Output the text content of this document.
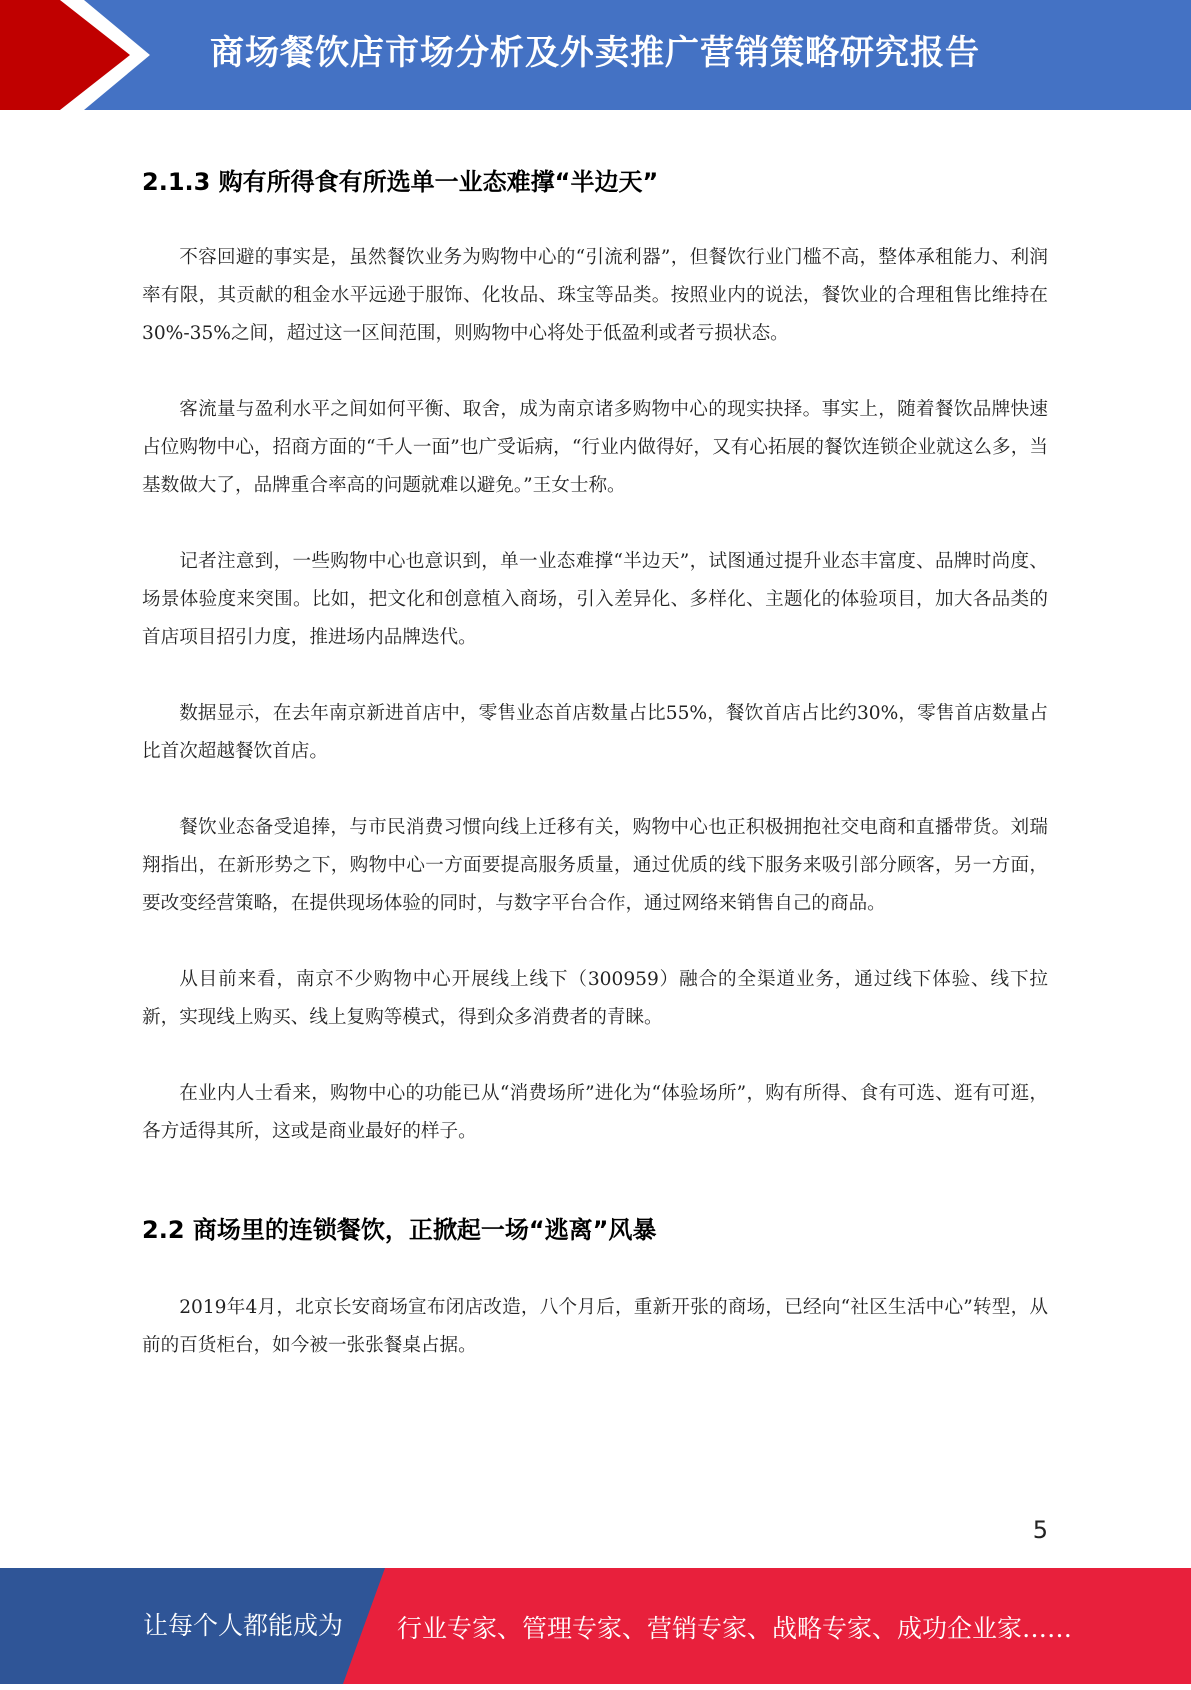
商场餐饮店市场分析及外卖推广营销策略研究报告
2.1.3 购有所得食有所选单一业态难撑“半边天”

不容回避的事实是，虽然餐饮业务为购物中心的“引流利器”，但餐饮行业门槛不高，整体承租能力、利润率有限，其贡献的租金水平远逊于服饰、化妆品、珠宝等品类。按照业内的说法，餐饮业的合理租售比维持在30%-35%之间，超过这一区间范围，则购物中心将处于低盈利或者亏损状态。

客流量与盈利水平之间如何平衡、取舍，成为南京诸多购物中心的现实抉择。事实上，随着餐饮品牌快速占位购物中心，招商方面的“千人一面”也广受诟病，“行业内做得好，又有心拓展的餐饮连锁企业就这么多，当基数做大了，品牌重合率高的问题就难以避免。”王女士称。

记者注意到，一些购物中心也意识到，单一业态难撑“半边天”，试图通过提升业态丰富度、品牌时尚度、场景体验度来突围。比如，把文化和创意植入商场，引入差异化、多样化、主题化的体验项目，加大各品类的首店项目招引力度，推进场内品牌迭代。

数据显示，在去年南京新进首店中，零售业态首店数量占比55%，餐饮首店占比约30%，零售首店数量占比首次超越餐饮首店。

餐饮业态备受追捧，与市民消费习惯向线上迁移有关，购物中心也正积极拥抱社交电商和直播带货。刘瑞翔指出，在新形势之下，购物中心一方面要提高服务质量，通过优质的线下服务来吸引部分顾客，另一方面，要改变经营策略，在提供现场体验的同时，与数字平台合作，通过网络来销售自己的商品。

从目前来看，南京不少购物中心开展线上线下（300959）融合的全渠道业务，通过线下体验、线下拉新，实现线上购买、线上复购等模式，得到众多消费者的青睐。

在业内人士看来，购物中心的功能已从“消费场所”进化为“体验场所”，购有所得、食有可选、逛有可逛，各方适得其所，这或是商业最好的样子。

2.2 商场里的连锁餐饮，正掀起一场“逃离”风暴

2019年4月，北京长安商场宣布闭店改造，八个月后，重新开张的商场，已经向“社区生活中心”转型，从前的百货柜台，如今被一张张餐桌占据。

5
让每个人都能成为 行业专家、管理专家、营销专家、战略专家、成功企业家……
